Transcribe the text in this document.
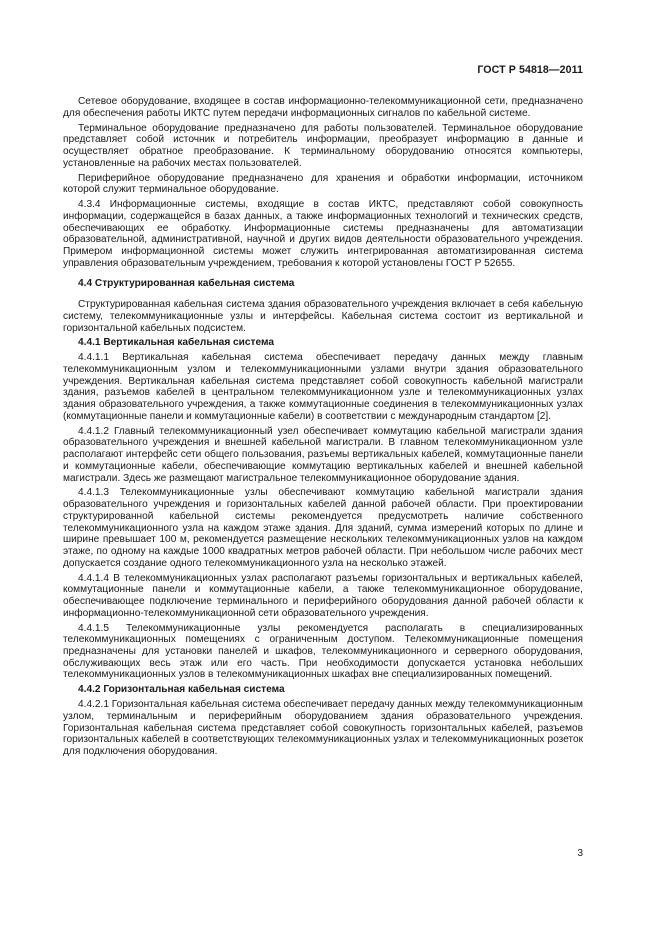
ГОСТ Р 54818—2011

Сетевое оборудование, входящее в состав информационно-телекоммуникационной сети, предназначено для обеспечения работы ИКТС путем передачи информационных сигналов по кабельной системе.

Терминальное оборудование предназначено для работы пользователей. Терминальное оборудование представляет собой источник и потребитель информации, преобразует информацию в данные и осуществляет обратное преобразование. К терминальному оборудованию относятся компьютеры, установленные на рабочих местах пользователей.

Периферийное оборудование предназначено для хранения и обработки информации, источником которой служит терминальное оборудование.

4.3.4 Информационные системы, входящие в состав ИКТС, представляют собой совокупность информации, содержащейся в базах данных, а также информационных технологий и технических средств, обеспечивающих ее обработку. Информационные системы предназначены для автоматизации образовательной, административной, научной и других видов деятельности образовательного учреждения. Примером информационной системы может служить интегрированная автоматизированная система управления образовательным учреждением, требования к которой установлены ГОСТ Р 52655.

4.4 Структурированная кабельная система

Структурированная кабельная система здания образовательного учреждения включает в себя кабельную систему, телекоммуникационные узлы и интерфейсы. Кабельная система состоит из вертикальной и горизонтальной кабельных подсистем.

4.4.1 Вертикальная кабельная система

4.4.1.1 Вертикальная кабельная система обеспечивает передачу данных между главным телекоммуникационным узлом и телекоммуникационными узлами внутри здания образовательного учреждения. Вертикальная кабельная система представляет собой совокупность кабельной магистрали здания, разъемов кабелей в центральном телекоммуникационном узле и телекоммуникационных узлах здания образовательного учреждения, а также коммутационные соединения в телекоммуникационных узлах (коммутационные панели и коммутационные кабели) в соответствии с международным стандартом [2].

4.4.1.2 Главный телекоммуникационный узел обеспечивает коммутацию кабельной магистрали здания образовательного учреждения и внешней кабельной магистрали. В главном телекоммуникационном узле располагают интерфейс сети общего пользования, разъемы вертикальных кабелей, коммутационные панели и коммутационные кабели, обеспечивающие коммутацию вертикальных кабелей и внешней кабельной магистрали. Здесь же размещают магистральное телекоммуникационное оборудование здания.

4.4.1.3 Телекоммуникационные узлы обеспечивают коммутацию кабельной магистрали здания образовательного учреждения и горизонтальных кабелей данной рабочей области. При проектировании структурированной кабельной системы рекомендуется предусмотреть наличие собственного телекоммуникационного узла на каждом этаже здания. Для зданий, сумма измерений которых по длине и ширине превышает 100 м, рекомендуется размещение нескольких телекоммуникационных узлов на каждом этаже, по одному на каждые 1000 квадратных метров рабочей области. При небольшом числе рабочих мест допускается создание одного телекоммуникационного узла на несколько этажей.

4.4.1.4 В телекоммуникационных узлах располагают разъемы горизонтальных и вертикальных кабелей, коммутационные панели и коммутационные кабели, а также телекоммуникационное оборудование, обеспечивающее подключение терминального и периферийного оборудования данной рабочей области к информационно-телекоммуникационной сети образовательного учреждения.

4.4.1.5 Телекоммуникационные узлы рекомендуется располагать в специализированных телекоммуникационных помещениях с ограниченным доступом. Телекоммуникационные помещения предназначены для установки панелей и шкафов, телекоммуникационного и серверного оборудования, обслуживающих весь этаж или его часть. При необходимости допускается установка небольших телекоммуникационных узлов в телекоммуникационных шкафах вне специализированных помещений.

4.4.2 Горизонтальная кабельная система

4.4.2.1 Горизонтальная кабельная система обеспечивает передачу данных между телекоммуникационным узлом, терминальным и периферийным оборудованием здания образовательного учреждения. Горизонтальная кабельная система представляет собой совокупность горизонтальных кабелей, разъемов горизонтальных кабелей в соответствующих телекоммуникационных узлах и телекоммуникационных розеток для подключения оборудования.

3
